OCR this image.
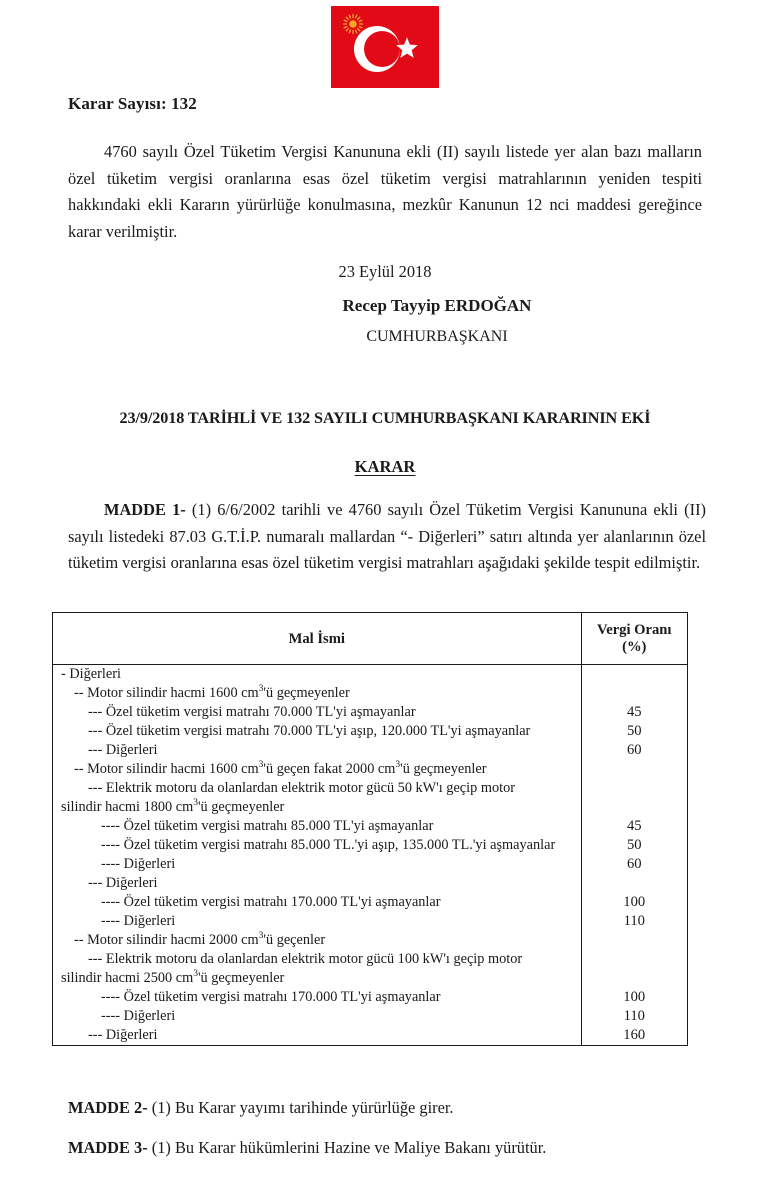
Karar Sayısı: 132
4760 sayılı Özel Tüketim Vergisi Kanununa ekli (II) sayılı listede yer alan bazı malların özel tüketim vergisi oranlarına esas özel tüketim vergisi matrahlarının yeniden tespiti hakkındaki ekli Kararın yürürlüğe konulmasına, mezkûr Kanunun 12 nci maddesi gereğince karar verilmiştir.
23 Eylül 2018
Recep Tayyip ERDOĞAN
CUMHURBAŞKANI
23/9/2018 TARİHLİ VE 132 SAYILI CUMHURBAŞKANI KARARININ EKİ
KARAR
MADDE 1- (1) 6/6/2002 tarihli ve 4760 sayılı Özel Tüketim Vergisi Kanununa ekli (II) sayılı listedeki 87.03 G.T.İ.P. numaralı mallardan “- Diğerleri” satırı altında yer alanlarının özel tüketim vergisi oranlarına esas özel tüketim vergisi matrahları aşağıdaki şekilde tespit edilmiştir.
Mal İsmi	Vergi Oranı
(%)
- Diğerleri	
-- Motor silindir hacmi 1600 $cm^3'ü$ geçmeyenler	
--- Özel tüketim vergisi matrahı 70.000 TL'yi aşmayanlar	45
--- Özel tüketim vergisi matrahı 70.000 TL'yi aşıp, 120.000 TL'yi aşmayanlar	50
--- Diğerleri	60
-- Motor silindir hacmi 1600 $cm^3'ü$ geçen fakat 2000 $cm^3'ü$ geçmeyenler	
--- Elektrik motoru da olanlardan elektrik motor gücü 50 kW'ı geçip motor
silindir hacmi 1800 $cm^3'ü$ geçmeyenler	

---- Özel tüketim vergisi matrahı 85.000 TL'yi aşmayanlar	45
---- Özel tüketim vergisi matrahı 85.000 TL.'yi aşıp, 135.000 TL.'yi aşmayanlar	50
---- Diğerleri	60
--- Diğerleri	
---- Özel tüketim vergisi matrahı 170.000 TL'yi aşmayanlar	100
---- Diğerleri	110
-- Motor silindir hacmi 2000 $cm^3'ü$ geçenler	
--- Elektrik motoru da olanlardan elektrik motor gücü 100 kW'ı geçip motor
silindir hacmi 2500 $cm^3'ü$ geçmeyenler	

---- Özel tüketim vergisi matrahı 170.000 TL'yi aşmayanlar	100
---- Diğerleri	110
--- Diğerleri	160
MADDE 2- (1) Bu Karar yayımı tarihinde yürürlüğe girer.
MADDE 3- (1) Bu Karar hükümlerini Hazine ve Maliye Bakanı yürütür.
